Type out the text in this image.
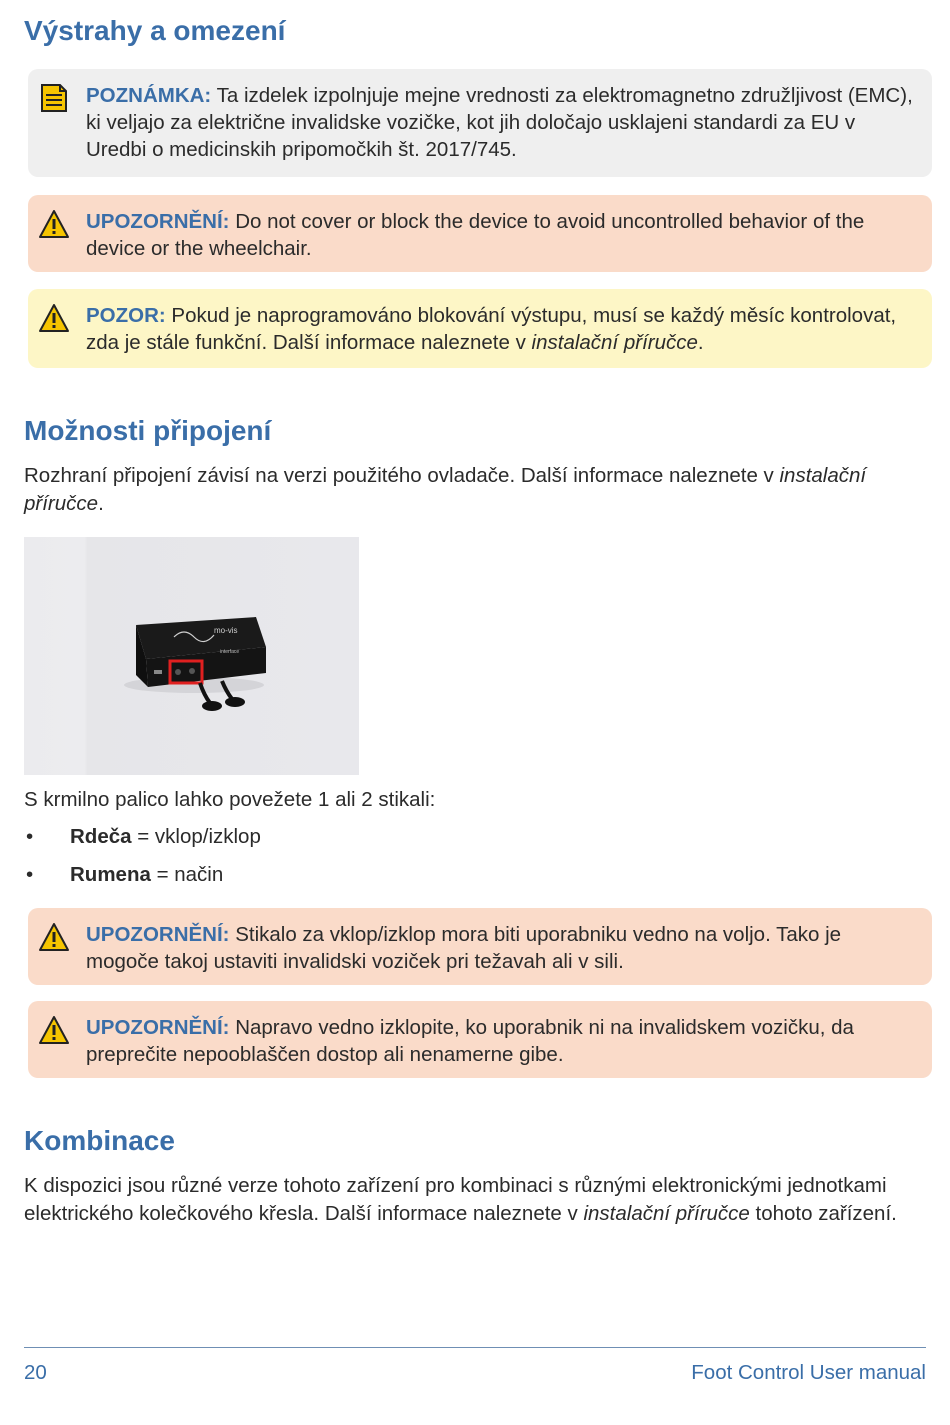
Výstrahy a omezení
POZNÁMKA: Ta izdelek izpolnjuje mejne vrednosti za elektromagnetno združljivost (EMC), ki veljajo za električne invalidske vozičke, kot jih določajo usklajeni standardi za EU v Uredbi o medicinskih pripomočkih št. 2017/745.
UPOZORNĚNÍ: Do not cover or block the device to avoid uncontrolled behavior of the device or the wheelchair.
POZOR: Pokud je naprogramováno blokování výstupu, musí se každý měsíc kontrolovat, zda je stále funkční. Další informace naleznete v instalační příručce.
Možnosti připojení

Rozhraní připojení závisí na verzi použitého ovladače. Další informace naleznete v instalační příručce.

mo-vis
interface

S krmilno palico lahko povežete 1 ali 2 stikali:

• Rdeča = vklop/izklop
• Rumena = način
UPOZORNĚNÍ: Stikalo za vklop/izklop mora biti uporabniku vedno na voljo. Tako je mogoče takoj ustaviti invalidski voziček pri težavah ali v sili.
UPOZORNĚNÍ: Napravo vedno izklopite, ko uporabnik ni na invalidskem vozičku, da preprečite nepooblaščen dostop ali nenamerne gibe.
Kombinace

K dispozici jsou různé verze tohoto zařízení pro kombinaci s různými elektronickými jednotkami elektrického kolečkového křesla. Další informace naleznete v instalační příručce tohoto zařízení.

20	Foot Control User manual
